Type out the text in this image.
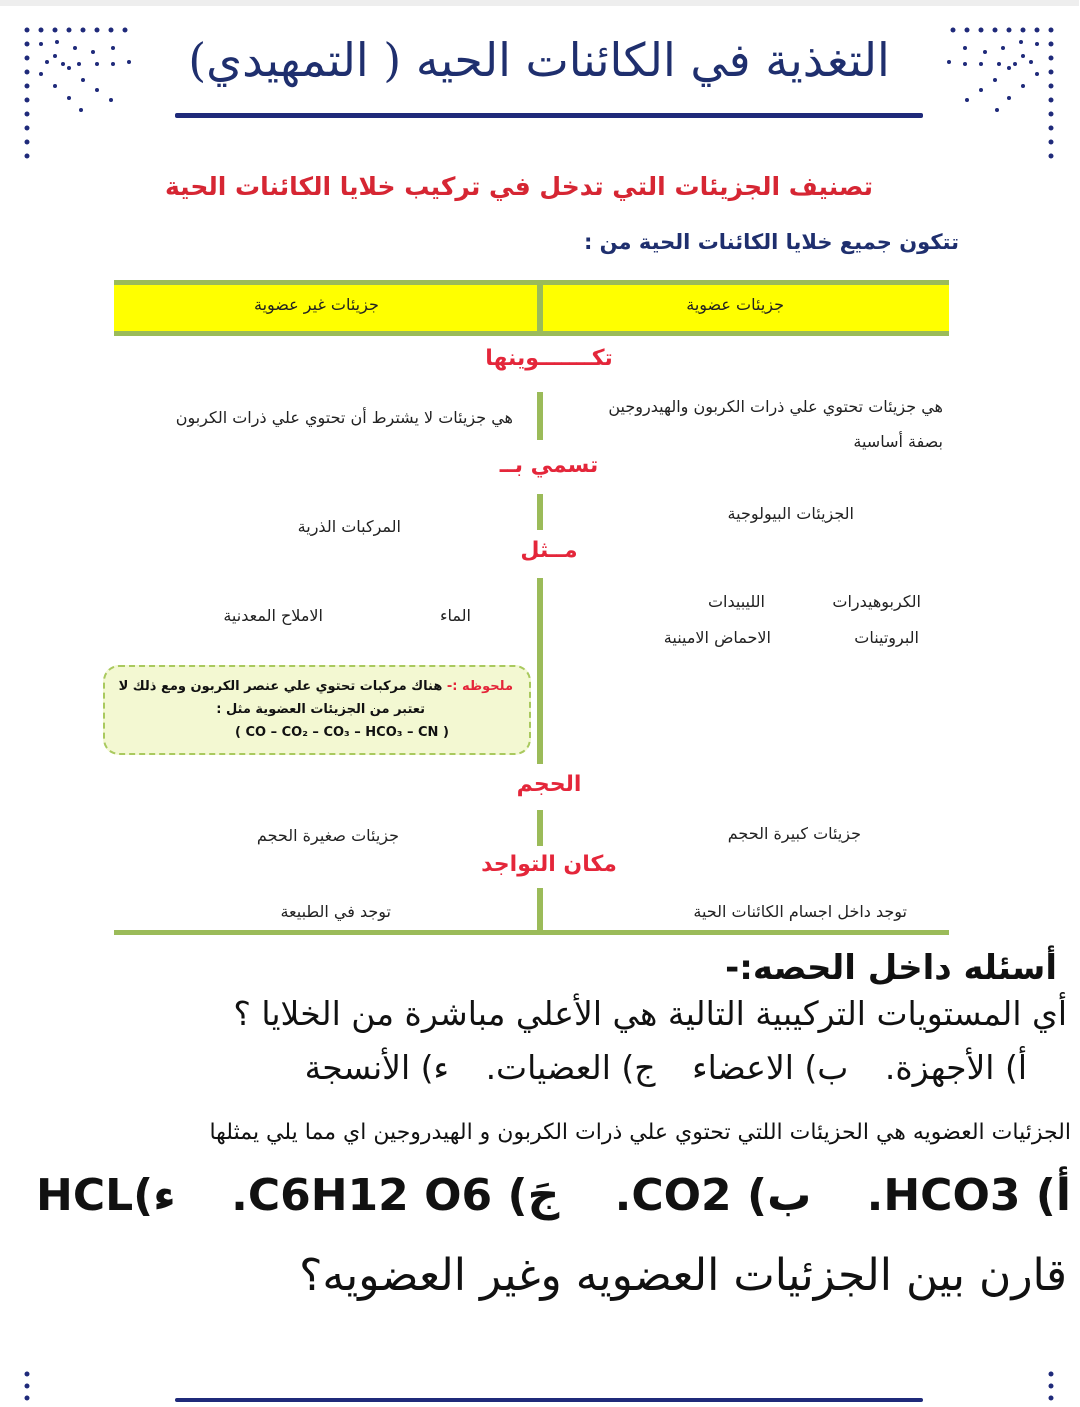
التغذية في الكائنات الحيه ( التمهيدي)
تصنيف الجزيئات التي تدخل في تركيب خلايا الكائنات الحية
تتكون جميع خلايا الكائنات الحية من :
جزيئات عضوية
جزيئات غير عضوية
تكـــــــوينها
تسمي بــ
مــثل
الحجم
مكان التواجد
هي جزيئات تحتوي علي ذرات الكربون والهيدروجين
بصفة أساسية
الجزيئات البيولوجية
الكربوهيدرات
الليبيدات
البروتينات
الاحماض الامينية
جزيئات كبيرة الحجم
توجد داخل اجسام الكائنات الحية
هي جزيئات لا يشترط أن تحتوي علي ذرات الكربون
المركبات الذرية
الماء
الاملاح المعدنية
جزيئات صغيرة الحجم
توجد في الطبيعة
ملحوظه :- هناك مركبات تحتوي علي عنصر الكربون ومع ذلك لا
تعتبر من الجزيئات العضوية مثل :
( CO – CO₂ – CO₃ – HCO₃ – CN )
أسئله داخل الحصه:-
أي المستويات التركيبية التالية هي الأعلي مباشرة من الخلايا ؟
أ) الأجهزة. ب) الاعضاء ج) العضيات. ء) الأنسجة
الجزئيات العضويه هي الحزيئات اللتي تحتوي علي ذرات الكربون و الهيدروجين اي مما يلي يمثلها
أ) HCO3. ب) CO2. جَ) C6H12 O6. ء)HCL
قارن بين الجزئيات العضويه وغير العضويه؟
